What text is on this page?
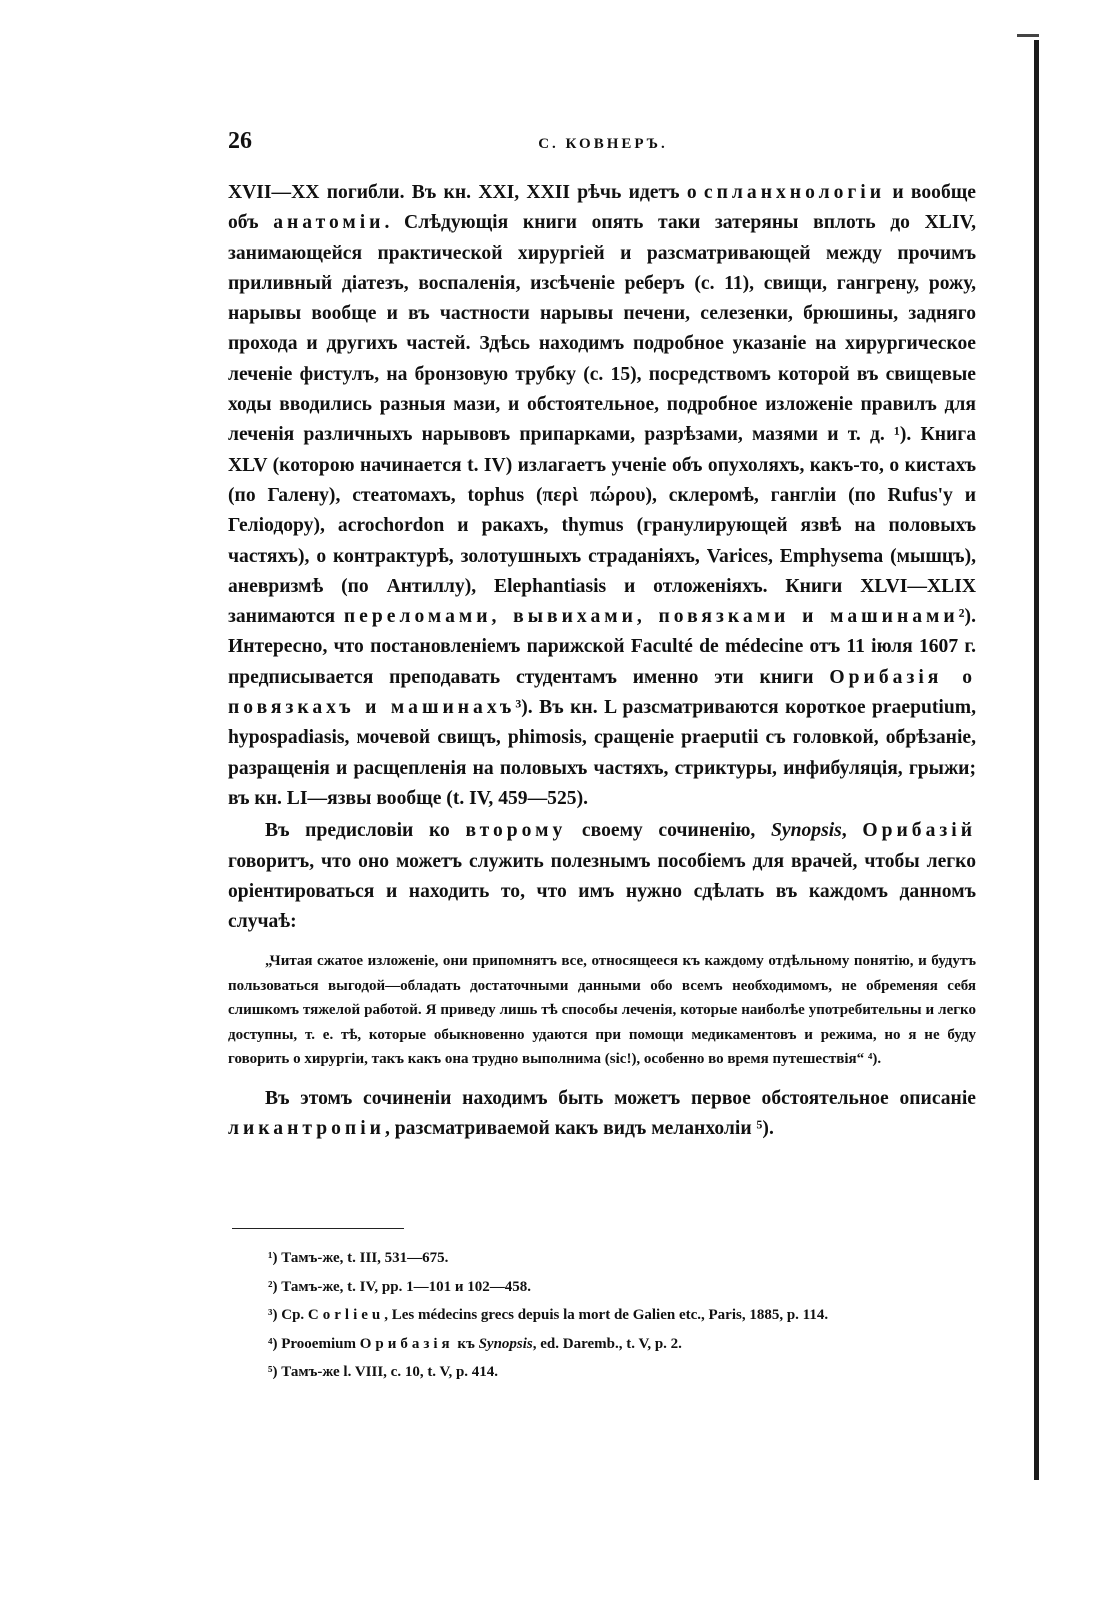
26	С. КОВНЕРЪ.

XVII—XX погибли. Въ кн. XXI, XXII рѣчь идетъ о спланхнологіи и вообще объ анатоміи. Слѣдующія книги опять таки затеряны вплоть до XLIV, занимающейся практической хирургіей и разсматривающей между прочимъ приливный діатезъ, воспаленія, изсѣченіе реберъ (с. 11), свищи, гангрену, рожу, нарывы вообще и въ частности нарывы печени, селезенки, брюшины, задняго прохода и другихъ частей. Здѣсь находимъ подробное указаніе на хирургическое леченіе фистулъ, на бронзовую трубку (с. 15), посредствомъ которой въ свищевые ходы вводились разныя мази, и обстоятельное, подробное изложеніе правилъ для леченія различныхъ нарывовъ припарками, разрѣзами, мазями и т. д. ¹). Книга XLV (которою начинается t. IV) излагаетъ ученіе объ опухоляхъ, какъ-то, о кистахъ (по Галену), стеатомахъ, tophus (περὶ πώρου), склеромѣ, гангліи (по Rufus'у и Геліодору), acrochordon и ракахъ, thymus (гранулирующей язвѣ на половыхъ частяхъ), о контрактурѣ, золотушныхъ страданіяхъ, Varices, Emphysema (мышцъ), аневризмѣ (по Антиллу), Elephantiasis и отложеніяхъ. Книги XLVI—XLIX занимаются переломами, вывихами, повязками и машинами²). Интересно, что постановленіемъ парижской Faculté de médecine отъ 11 іюля 1607 г. предписывается преподавать студентамъ именно эти книги Орибазія о повязкахъ и машинахъ³). Въ кн. L разсматриваются короткое praeputium, hypospadiasis, мочевой свищъ, phimosis, сращеніе praeputii съ головкой, обрѣзаніе, разращенія и расщепленія на половыхъ частяхъ, стриктуры, инфибуляція, грыжи; въ кн. LI—язвы вообще (t. IV, 459—525).

Въ предисловіи ко второму своему сочиненію, Synopsis, Орибазій говоритъ, что оно можетъ служить полезнымъ пособіемъ для врачей, чтобы легко оріентироваться и находить то, что имъ нужно сдѣлать въ каждомъ данномъ случаѣ:

„Читая сжатое изложеніе, они припомнятъ все, относящееся къ каждому отдѣльному понятію, и будутъ пользоваться выгодой—обладать достаточными данными обо всемъ необходимомъ, не обременяя себя слишкомъ тяжелой работой. Я приведу лишь тѣ способы леченія, которые наиболѣе употребительны и легко доступны, т. е. тѣ, которые обыкновенно удаются при помощи медикаментовъ и режима, но я не буду говорить о хирургіи, такъ какъ она трудно выполнима (sic!), особенно во время путешествія“ ⁴).

Въ этомъ сочиненіи находимъ быть можетъ первое обстоятельное описаніе ликантропіи, разсматриваемой какъ видъ меланхоліи ⁵).

¹) Тамъ-же, t. III, 531—675.

²) Тамъ-же, t. IV, pp. 1—101 и 102—458.

³) Ср. Corlieu, Les médecins grecs depuis la mort de Galien etc., Paris, 1885, p. 114.

⁴) Prooemium Орибазія къ Synopsis, ed. Daremb., t. V, p. 2.

⁵) Тамъ-же l. VIII, c. 10, t. V, p. 414.
